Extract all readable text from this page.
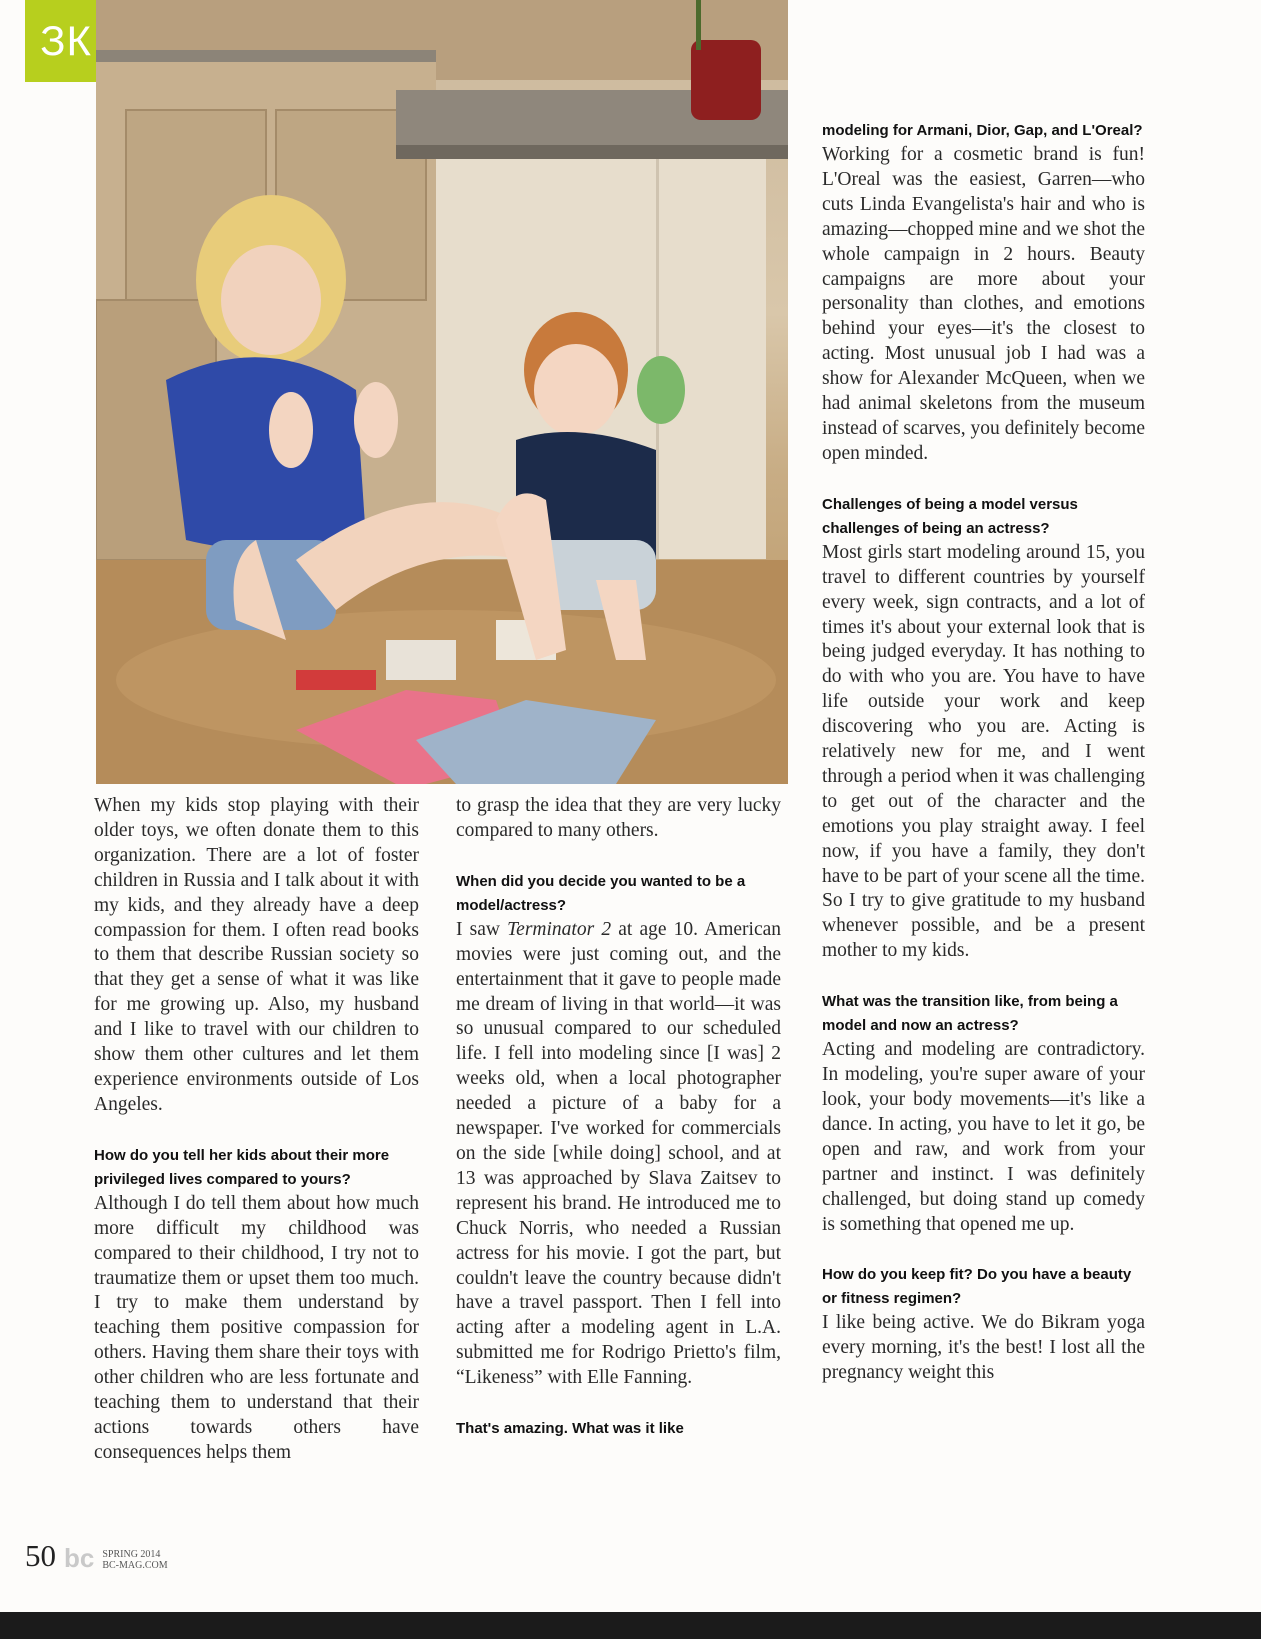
ЗК

When my kids stop playing with their older toys, we often donate them to this organization. There are a lot of foster children in Russia and I talk about it with my kids, and they already have a deep compassion for them. I often read books to them that describe Russian society so that they get a sense of what it was like for me growing up. Also, my husband and I like to travel with our children to show them other cultures and let them experience environments outside of Los Angeles.

How do you tell her kids about their more privileged lives compared to yours?

Although I do tell them about how much more difficult my childhood was compared to their childhood, I try not to traumatize them or upset them too much. I try to make them understand by teaching them positive compassion for others. Having them share their toys with other children who are less fortunate and teaching them to understand that their actions towards others have consequences helps them

to grasp the idea that they are very lucky compared to many others.

When did you decide you wanted to be a model/actress?

I saw Terminator 2 at age 10. American movies were just coming out, and the entertainment that it gave to people made me dream of living in that world—it was so unusual compared to our scheduled life. I fell into modeling since [I was] 2 weeks old, when a local photographer needed a picture of a baby for a newspaper. I've worked for commercials on the side [while doing] school, and at 13 was approached by Slava Zaitsev to represent his brand. He introduced me to Chuck Norris, who needed a Russian actress for his movie. I got the part, but couldn't leave the country because didn't have a travel passport. Then I fell into acting after a modeling agent in L.A. submitted me for Rodrigo Prietto's film, “Likeness” with Elle Fanning.

That's amazing. What was it like
modeling for Armani, Dior, Gap, and L'Oreal?

Working for a cosmetic brand is fun! L'Oreal was the easiest, Garren—who cuts Linda Evangelista's hair and who is amazing—chopped mine and we shot the whole campaign in 2 hours. Beauty campaigns are more about your personality than clothes, and emotions behind your eyes—it's the closest to acting. Most unusual job I had was a show for Alexander McQueen, when we had animal skeletons from the museum instead of scarves, you definitely become open minded.

Challenges of being a model versus challenges of being an actress?

Most girls start modeling around 15, you travel to different countries by yourself every week, sign contracts, and a lot of times it's about your external look that is being judged everyday. It has nothing to do with who you are. You have to have life outside your work and keep discovering who you are. Acting is relatively new for me, and I went through a period when it was challenging to get out of the character and the emotions you play straight away. I feel now, if you have a family, they don't have to be part of your scene all the time. So I try to give gratitude to my husband whenever possible, and be a present mother to my kids.

What was the transition like, from being a model and now an actress?

Acting and modeling are contradictory. In modeling, you're super aware of your look, your body movements—it's like a dance. In acting, you have to let it go, be open and raw, and work from your partner and instinct. I was definitely challenged, but doing stand up comedy is something that opened me up.

How do you keep fit? Do you have a beauty or fitness regimen?

I like being active. We do Bikram yoga every morning, it's the best! I lost all the pregnancy weight this

50 bc SPRING 2014
BC-MAG.COM
